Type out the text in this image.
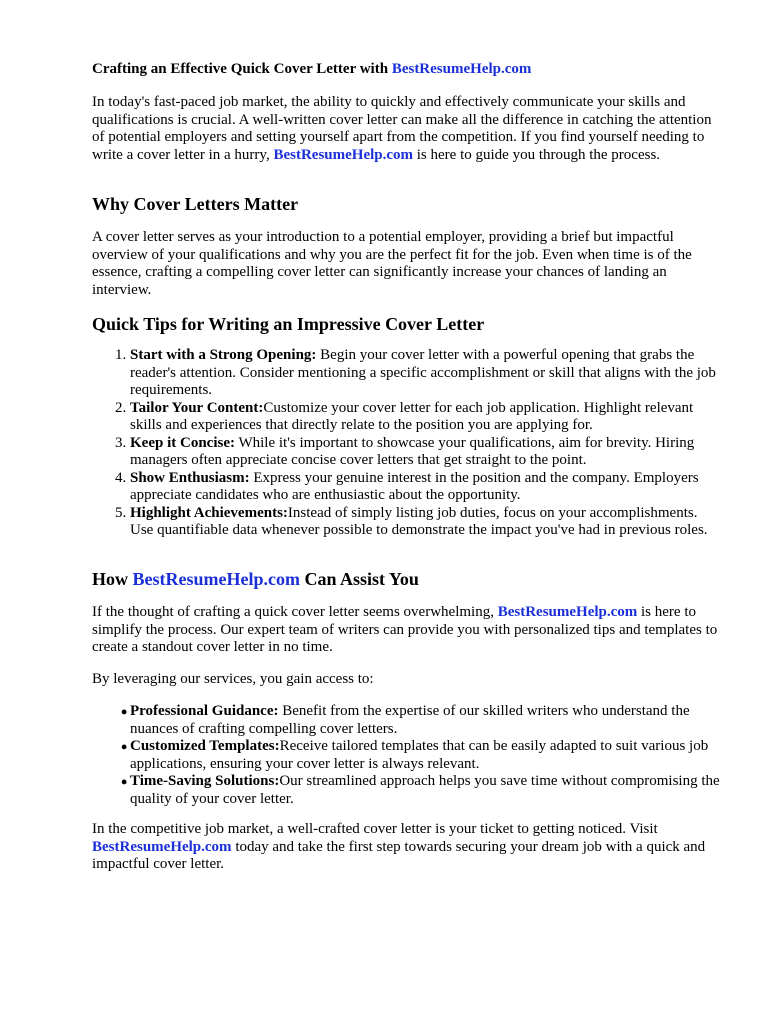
Crafting an Effective Quick Cover Letter with BestResumeHelp.com

In today's fast-paced job market, the ability to quickly and effectively communicate your skills and qualifications is crucial. A well-written cover letter can make all the difference in catching the attention of potential employers and setting yourself apart from the competition. If you find yourself needing to write a cover letter in a hurry, BestResumeHelp.com is here to guide you through the process.

Why Cover Letters Matter

A cover letter serves as your introduction to a potential employer, providing a brief but impactful overview of your qualifications and why you are the perfect fit for the job. Even when time is of the essence, crafting a compelling cover letter can significantly increase your chances of landing an interview.

Quick Tips for Writing an Impressive Cover Letter
1. Start with a Strong Opening: Begin your cover letter with a powerful opening that grabs the reader's attention. Consider mentioning a specific accomplishment or skill that aligns with the job requirements.
2. Tailor Your Content:Customize your cover letter for each job application. Highlight relevant skills and experiences that directly relate to the position you are applying for.
3. Keep it Concise: While it's important to showcase your qualifications, aim for brevity. Hiring managers often appreciate concise cover letters that get straight to the point.
4. Show Enthusiasm: Express your genuine interest in the position and the company. Employers appreciate candidates who are enthusiastic about the opportunity.
5. Highlight Achievements:Instead of simply listing job duties, focus on your accomplishments. Use quantifiable data whenever possible to demonstrate the impact you've had in previous roles.
How BestResumeHelp.com Can Assist You

If the thought of crafting a quick cover letter seems overwhelming, BestResumeHelp.com is here to simplify the process. Our expert team of writers can provide you with personalized tips and templates to create a standout cover letter in no time.

By leveraging our services, you gain access to:

• Professional Guidance: Benefit from the expertise of our skilled writers who understand the nuances of crafting compelling cover letters.
• Customized Templates:Receive tailored templates that can be easily adapted to suit various job applications, ensuring your cover letter is always relevant.
• Time-Saving Solutions:Our streamlined approach helps you save time without compromising the quality of your cover letter.

In the competitive job market, a well-crafted cover letter is your ticket to getting noticed. Visit BestResumeHelp.com today and take the first step towards securing your dream job with a quick and impactful cover letter.
